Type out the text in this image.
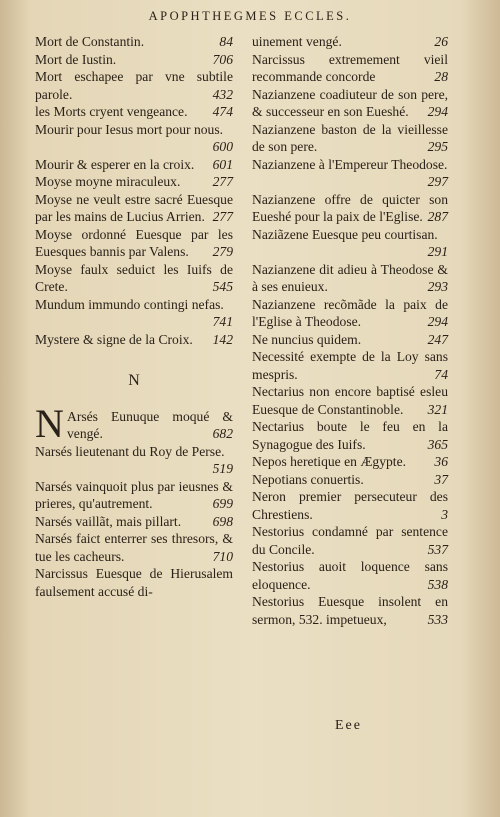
APOPHTHEGMES ECCLES.
Mort de Constantin.	84
Mort de Iustin.	706
Mort eschapee par vne subtile parole.	432
les Morts cryent vengeance. 474
Mourir pour Iesus mort pour nous.
600
Mourir & esperer en la croix. 601
Moyse moyne miraculeux. 277
Moyse ne veult estre sacré Euesque par les mains de Lucius Arrien. 277
Moyse ordonné Euesque par les Euesques bannis par Valens. 279
Moyse faulx seduict les Iuifs de Crete.	545
Mundum immundo contingi nefas.
741
Mystere & signe de la Croix. 142
N
N Arsés Eunuque moqué & vengé.	682
Narsés lieutenant du Roy de Perse.
519
Narsés vainquoit plus par ieusnes & prieres, qu'autrement.	699
Narsés vaillãt, mais pillart. 698
Narsés faict enterrer ses thresors, & tue les cacheurs.	710
Narcissus Euesque de Hierusalem faulsement accusé di-
uinement vengé.	26
Narcissus extremement vieil recommande concorde	28
Nazianzene coadiuteur de son pere, & successeur en son Eueshé. 294
Nazianzene baston de la vieillesse de son pere.	295
Nazianzene à l'Empereur Theodose.
297
Nazianzene offre de quicter son Eueshé pour la paix de l'Eglise. 287
Naziãzene Euesque peu courtisan.
291
Nazianzene dit adieu à Theodose & à ses enuieux.	293
Nazianzene recõmãde la paix de l'Eglise à Theodose.	294
Ne nuncius quidem.	247
Necessité exempte de la Loy sans mespris.	74
Nectarius non encore baptisé esleu Euesque de Constantinoble. 321
Nectarius boute le feu en la Synagogue des Iuifs.	365
Nepos heretique en Ægypte. 36
Nepotians conuertis.	37
Neron premier persecuteur des Chrestiens.	3
Nestorius condamné par sentence du Concile.	537
Nestorius auoit loquence sans eloquence.	538
Nestorius Euesque insolent en sermon, 532. impetueux,	533
Eee
